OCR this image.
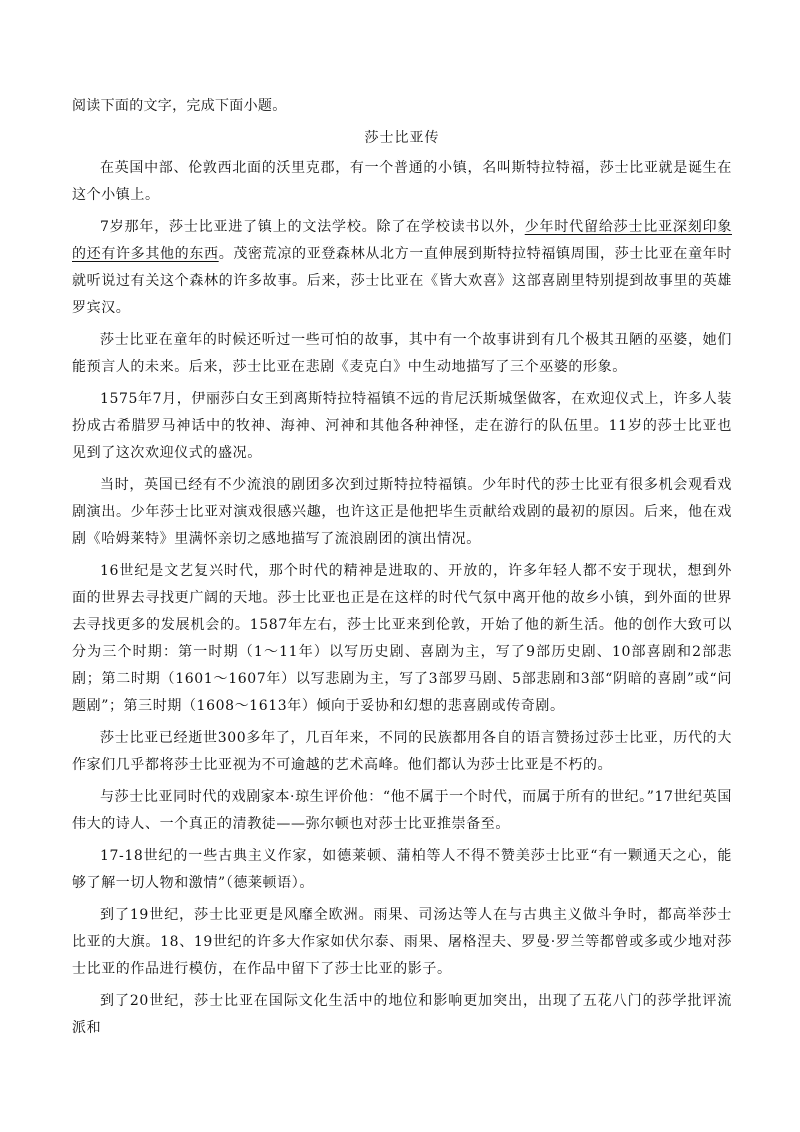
阅读下面的文字，完成下面小题。

莎士比亚传

在英国中部、伦敦西北面的沃里克郡，有一个普通的小镇，名叫斯特拉特福，莎士比亚就是诞生在这个小镇上。

7岁那年，莎士比亚进了镇上的文法学校。除了在学校读书以外，少年时代留给莎士比亚深刻印象的还有许多其他的东西。茂密荒凉的亚登森林从北方一直伸展到斯特拉特福镇周围，莎士比亚在童年时就听说过有关这个森林的许多故事。后来，莎士比亚在《皆大欢喜》这部喜剧里特别提到故事里的英雄罗宾汉。

莎士比亚在童年的时候还听过一些可怕的故事，其中有一个故事讲到有几个极其丑陋的巫婆，她们能预言人的未来。后来，莎士比亚在悲剧《麦克白》中生动地描写了三个巫婆的形象。

1575年7月，伊丽莎白女王到离斯特拉特福镇不远的肯尼沃斯城堡做客，在欢迎仪式上，许多人装扮成古希腊罗马神话中的牧神、海神、河神和其他各种神怪，走在游行的队伍里。11岁的莎士比亚也见到了这次欢迎仪式的盛况。

当时，英国已经有不少流浪的剧团多次到过斯特拉特福镇。少年时代的莎士比亚有很多机会观看戏剧演出。少年莎士比亚对演戏很感兴趣，也许这正是他把毕生贡献给戏剧的最初的原因。后来，他在戏剧《哈姆莱特》里满怀亲切之感地描写了流浪剧团的演出情况。

16世纪是文艺复兴时代，那个时代的精神是进取的、开放的，许多年轻人都不安于现状，想到外面的世界去寻找更广阔的天地。莎士比亚也正是在这样的时代气氛中离开他的故乡小镇，到外面的世界去寻找更多的发展机会的。1587年左右，莎士比亚来到伦敦，开始了他的新生活。他的创作大致可以分为三个时期：第一时期（1～11年）以写历史剧、喜剧为主，写了9部历史剧、10部喜剧和2部悲剧；第二时期（1601～1607年）以写悲剧为主，写了3部罗马剧、5部悲剧和3部“阴暗的喜剧”或“问题剧”；第三时期（1608～1613年）倾向于妥协和幻想的悲喜剧或传奇剧。

莎士比亚已经逝世300多年了，几百年来，不同的民族都用各自的语言赞扬过莎士比亚，历代的大作家们几乎都将莎士比亚视为不可逾越的艺术高峰。他们都认为莎士比亚是不朽的。

与莎士比亚同时代的戏剧家本·琼生评价他：“他不属于一个时代，而属于所有的世纪。”17世纪英国伟大的诗人、一个真正的清教徒——弥尔顿也对莎士比亚推崇备至。

17-18世纪的一些古典主义作家，如德莱顿、蒲柏等人不得不赞美莎士比亚“有一颗通天之心，能够了解一切人物和激情”（德莱顿语）。

到了19世纪，莎士比亚更是风靡全欧洲。雨果、司汤达等人在与古典主义做斗争时，都高举莎士比亚的大旗。18、19世纪的许多大作家如伏尔泰、雨果、屠格涅夫、罗曼·罗兰等都曾或多或少地对莎士比亚的作品进行模仿，在作品中留下了莎士比亚的影子。

到了20世纪，莎士比亚在国际文化生活中的地位和影响更加突出，出现了五花八门的莎学批评流派和
